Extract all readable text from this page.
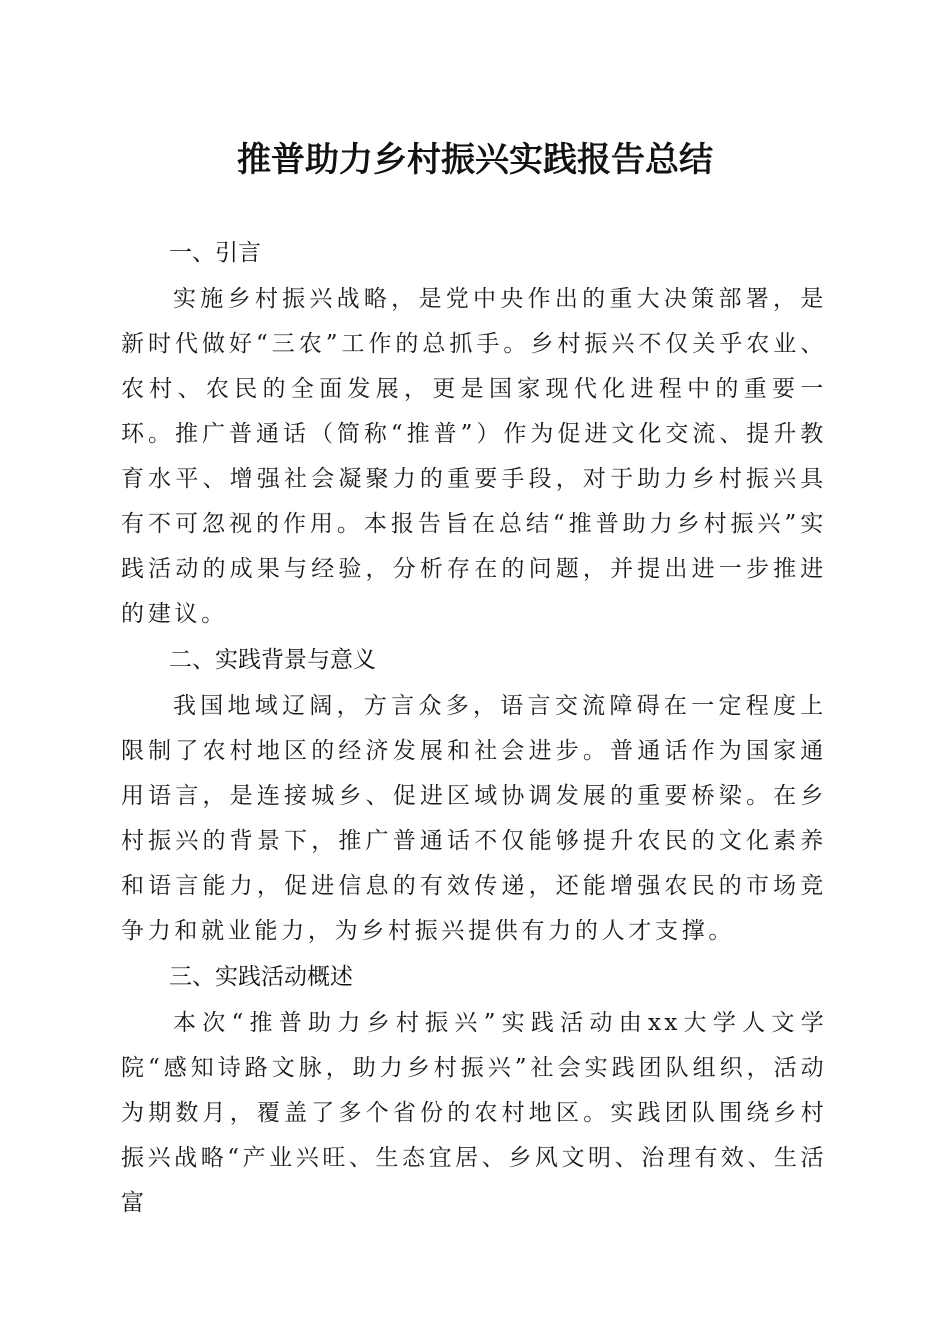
推普助力乡村振兴实践报告总结
一、引言
实施乡村振兴战略，是党中央作出的重大决策部署，是新时代做好“三农”工作的总抓手。乡村振兴不仅关乎农业、农村、农民的全面发展，更是国家现代化进程中的重要一环。推广普通话（简称“推普”）作为促进文化交流、提升教育水平、增强社会凝聚力的重要手段，对于助力乡村振兴具有不可忽视的作用。本报告旨在总结“推普助力乡村振兴”实践活动的成果与经验，分析存在的问题，并提出进一步推进的建议。
二、实践背景与意义
我国地域辽阔，方言众多，语言交流障碍在一定程度上限制了农村地区的经济发展和社会进步。普通话作为国家通用语言，是连接城乡、促进区域协调发展的重要桥梁。在乡村振兴的背景下，推广普通话不仅能够提升农民的文化素养和语言能力，促进信息的有效传递，还能增强农民的市场竞争力和就业能力，为乡村振兴提供有力的人才支撑。
三、实践活动概述
本次“推普助力乡村振兴”实践活动由xx大学人文学院“感知诗路文脉，助力乡村振兴”社会实践团队组织，活动为期数月，覆盖了多个省份的农村地区。实践团队围绕乡村振兴战略“产业兴旺、生态宜居、乡风文明、治理有效、生活富
